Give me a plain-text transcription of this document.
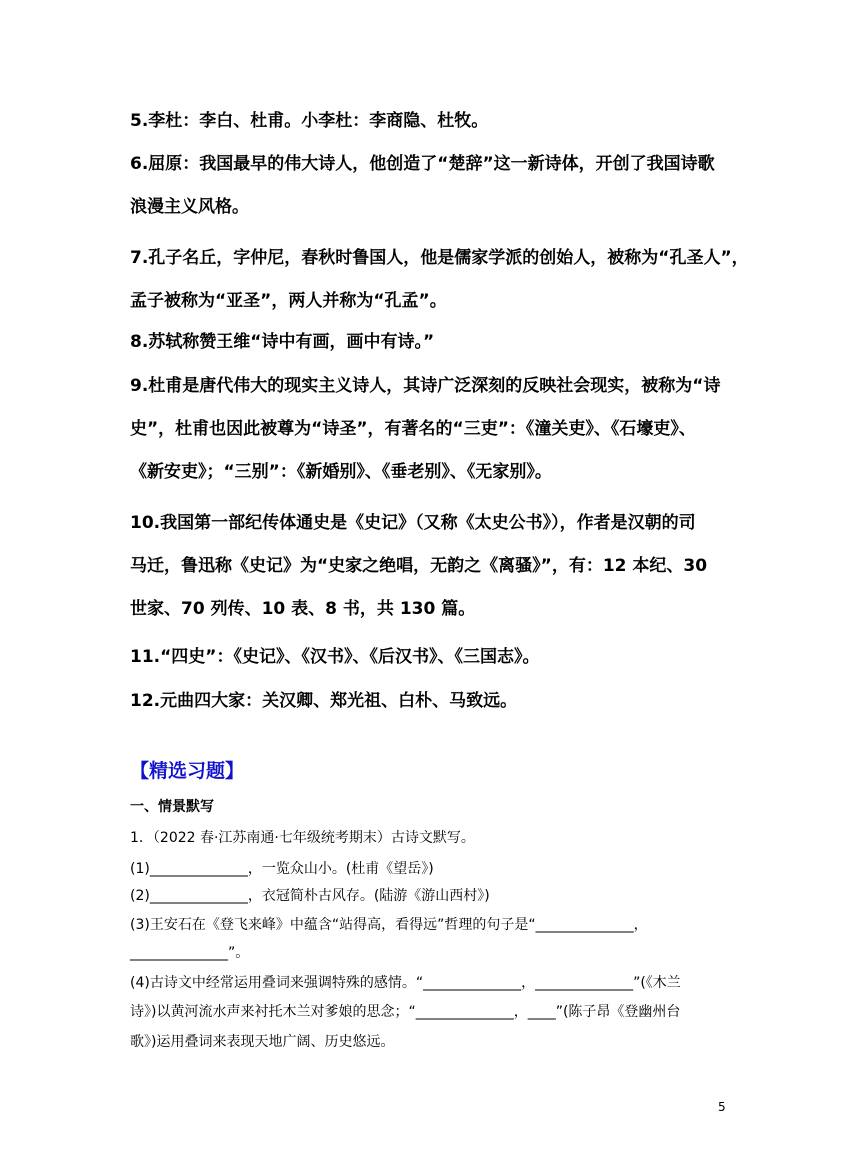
5.李杜：李白、杜甫。小李杜：李商隐、杜牧。

6.屈原：我国最早的伟大诗人，他创造了“楚辞”这一新诗体，开创了我国诗歌

浪漫主义风格。

7.孔子名丘，字仲尼，春秋时鲁国人，他是儒家学派的创始人，被称为“孔圣人”，

孟子被称为“亚圣”，两人并称为“孔孟”。

8.苏轼称赞王维“诗中有画，画中有诗。”

9.杜甫是唐代伟大的现实主义诗人，其诗广泛深刻的反映社会现实，被称为“诗

史”，杜甫也因此被尊为“诗圣”，有著名的“三吏”：《潼关吏》、《石壕吏》、

《新安吏》；“三别”：《新婚别》、《垂老别》、《无家别》。

10.我国第一部纪传体通史是《史记》（又称《太史公书》），作者是汉朝的司

马迁，鲁迅称《史记》为“史家之绝唱，无韵之《离骚》”，有：12 本纪、30

世家、70 列传、10 表、8 书，共 130 篇。

11.“四史”：《史记》、《汉书》、《后汉书》、《三国志》。

12.元曲四大家：关汉卿、郑光祖、白朴、马致远。

【精选习题】
一、情景默写
1．（2022 春·江苏南通·七年级统考期末）古诗文默写。
(1)______________，一览众山小。(杜甫《望岳》)
(2)______________，衣冠简朴古风存。(陆游《游山西村》)
(3)王安石在《登飞来峰》中蕴含“站得高，看得远”哲理的句子是“______________，
______________”。
(4)古诗文中经常运用叠词来强调特殊的感情。“______________，______________”(《木兰
诗》)以黄河流水声来衬托木兰对爹娘的思念；“______________，____”(陈子昂《登幽州台
歌》)运用叠词来表现天地广阔、历史悠远。
5
